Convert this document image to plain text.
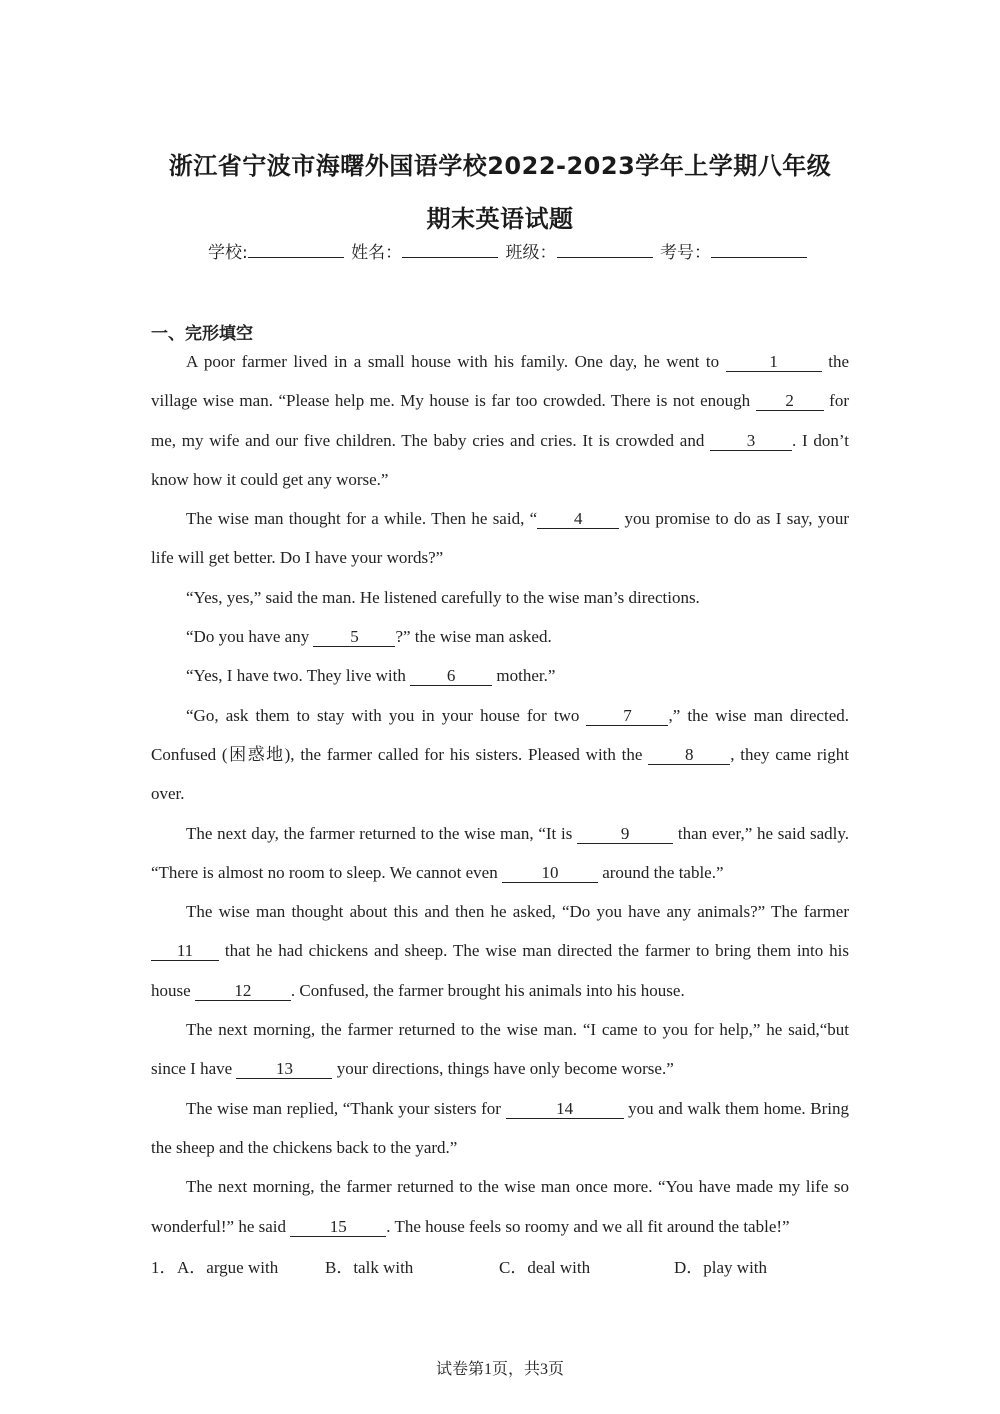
浙江省宁波市海曙外国语学校2022-2023学年上学期八年级
期末英语试题
学校:	姓名：	班级：	考号：
一、完形填空

A poor farmer lived in a small house with his family. One day, he went to	1	the village wise man. “Please help me. My house is far too crowded. There is not enough 2 for me, my wife and our five children. The baby cries and cries. It is crowded and 3 . I don’t know how it could get any worse.”

The wise man thought for a while. Then he said, “ 4 you promise to do as I say, your life will get better. Do I have your words?”

“Yes, yes,” said the man. He listened carefully to the wise man’s directions.

“Do you have any 5 ?” the wise man asked.

“Yes, I have two. They live with 6 mother.”

“Go, ask them to stay with you in your house for two 7 ,” the wise man directed. Confused (困惑地), the farmer called for his sisters. Pleased with the 8 , they came right over.

The next day, the farmer returned to the wise man, “It is	9	than ever,” he said sadly. “There is almost no room to sleep. We cannot even 10 around the table.”

The wise man thought about this and then he asked, “Do you have any animals?” The farmer 11 that he had chickens and sheep. The wise man directed the farmer to bring them into his house 12 . Confused, the farmer brought his animals into his house.

The next morning, the farmer returned to the wise man. “I came to you for help,” he said,“but since I have 13 your directions, things have only become worse.”

The wise man replied, “Thank your sisters for	14	you and walk them home. Bring the sheep and the chickens back to the yard.”

The next morning, the farmer returned to the wise man once more. “You have made my life so wonderful!” he said 15 . The house feels so roomy and we all fit around the table!”

1． A．argue with	B．talk with	C．deal with	D．play with
试卷第1页，共3页
